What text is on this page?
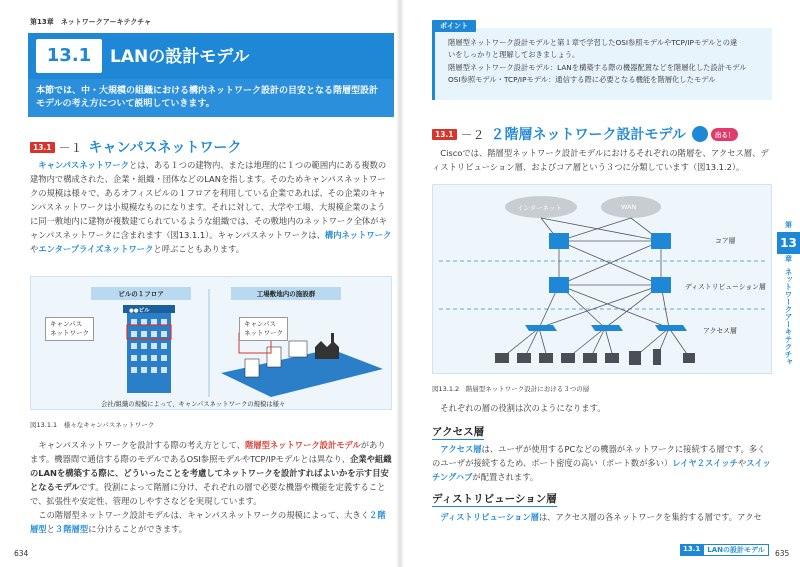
第13章　ネットワークアーキテクチャ
13.1	LANの設計モデル
本節では、中・大規模の組織における構内ネットワーク設計の目安となる階層型設計モデルの考え方について説明していきます。
13.1 －１ キャンパスネットワーク
キャンパスネットワークとは、ある１つの建物内、または地理的に１つの範囲内にある複数の建物内で構成された、企業・組織・団体などのLANを指します。そのためキャンパスネットワークの規模は様々で、あるオフィスビルの１フロアを利用している企業であれば、その企業のキャンパスネットワークは小規模なものになります。それに対して、大学や工場、大規模企業のように同一敷地内に建物が複数建てられているような組織では、その敷地内のネットワーク全体がキャンパスネットワークに含まれます（図13.1.1）。キャンパスネットワークは、構内ネットワークやエンタープライズネットワークと呼ぶこともあります。
ビルの１フロア	工場敷地内の施設群
●●ビル
キャンパス
ネットワーク
キャンパス
ネットワーク
会社/組織の規模によって、キャンパスネットワークの規模は様々
図13.1.1　 様々なキャンパスネットワーク
キャンパスネットワークを設計する際の考え方として、階層型ネットワーク設計モデルがあります。機器間で通信する際のモデルであるOSI参照モデルやTCP/IPモデルとは異なり、企業や組織のLANを構築する際に、どういったことを考慮してネットワークを設計すればよいかを示す目安となるモデルです。役割によって階層に分け、それぞれの層で必要な機器や機能を定義することで、拡張性や安定性、管理のしやすさなどを実現しています。
この階層型ネットワーク設計モデルは、キャンパスネットワークの規模によって、大きく２階層型と３階層型に分けることができます。
634
ポイント
階層型ネットワーク設計モデルと第１章で学習したOSI参照モデルやTCP/IPモデルとの違
いをしっかりと理解しておきましょう。
階層型ネットワーク設計モデル：LANを構築する際の機器配置などを階層化した設計モデル
OSI参照モデル・TCP/IPモデル：通信する際に必要となる機能を階層化したモデル
13.1 －２ ２階層ネットワーク設計モデル	出る！
Ciscoでは、階層型ネットワーク設計モデルにおけるそれぞれの階層を、アクセス層、ディストリビューション層、およびコア層という３つに分類しています（図13.1.2）。
インターネット	WAN
コア層
ディストリビューション層
アクセス層
図13.1.2　 階層型ネットワーク設計における３つの層
それぞれの層の役割は次のようになります。
アクセス層
アクセス層は、ユーザが使用するPCなどの機器がネットワークに接続する層です。多くのユーザが接続するため、ポート密度の高い（ポート数が多い）レイヤ２スイッチやスイッチングハブが配置されます。
ディストリビューション層
ディストリビューション層は、アクセス層の各ネットワークを集約する層です。アクセ
第
13
章
ネットワークアーキテクチャ
13.1	LANの設計モデル	635
